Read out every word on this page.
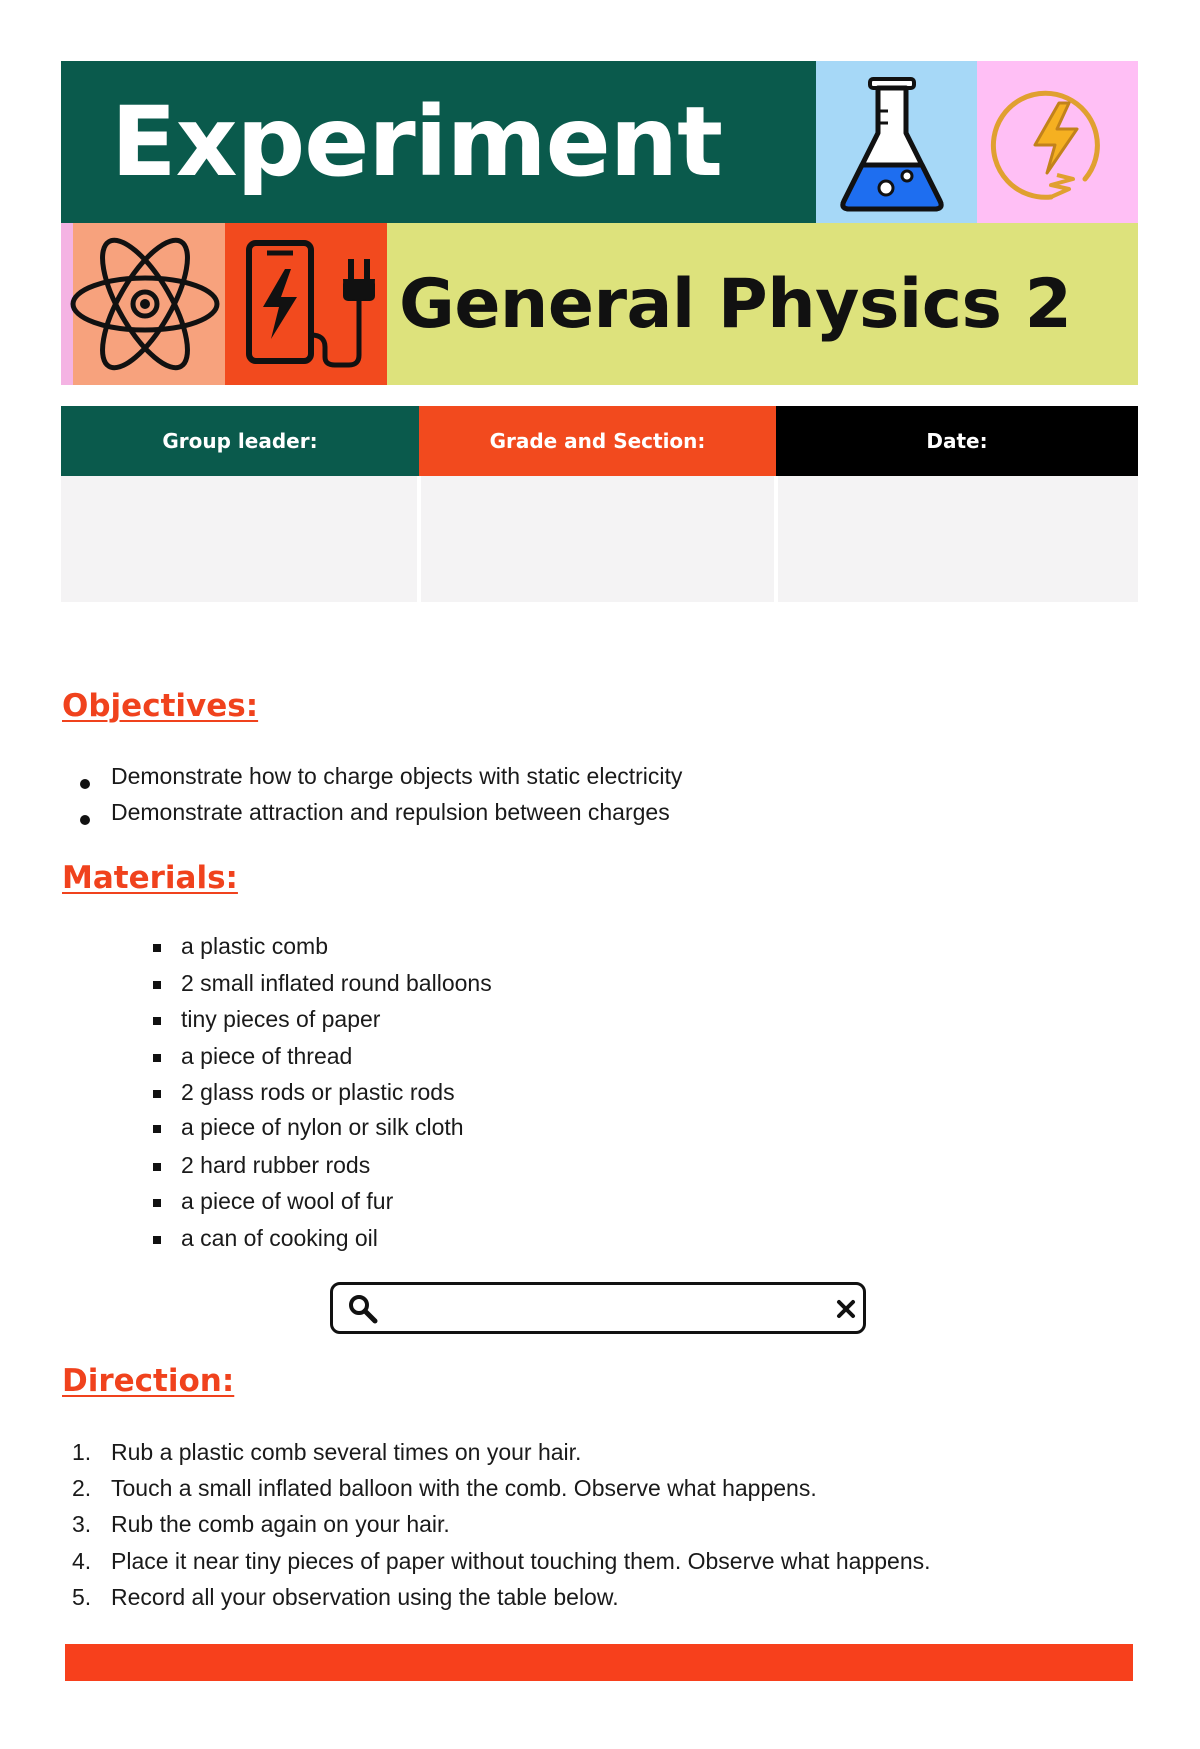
Experiment
General Physics 2
Group leader:	Grade and Section:	Date:
Objectives:
Demonstrate how to charge objects with static electricity
Demonstrate attraction and repulsion between charges
Materials:
a plastic comb
2 small inflated round balloons
tiny pieces of paper
a piece of thread
2 glass rods or plastic rods
a piece of nylon or silk cloth
2 hard rubber rods
a piece of wool of fur
a can of cooking oil
Direction:
1. Rub a plastic comb several times on your hair.
2. Touch a small inflated balloon with the comb. Observe what happens.
3. Rub the comb again on your hair.
4. Place it near tiny pieces of paper without touching them. Observe what happens.
5. Record all your observation using the table below.
